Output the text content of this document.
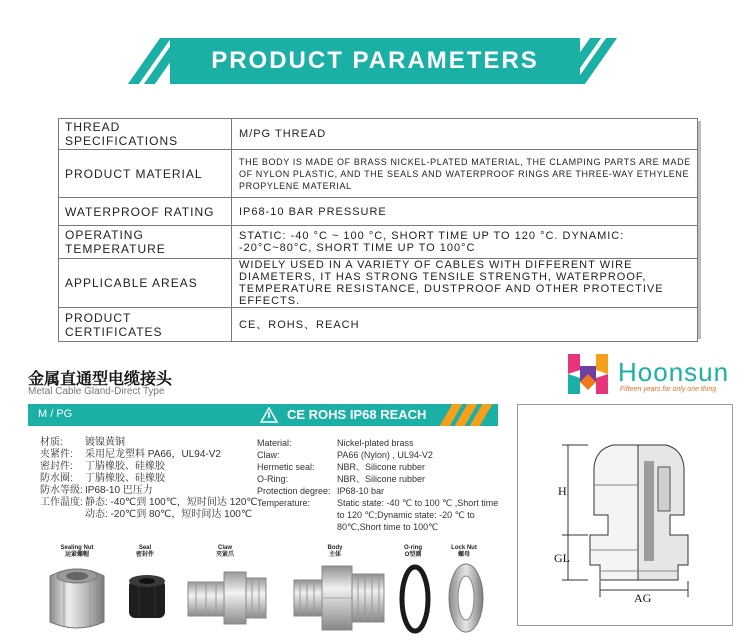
PRODUCT PARAMETERS
THREAD SPECIFICATIONS	M/PG THREAD
PRODUCT MATERIAL	THE BODY IS MADE OF BRASS NICKEL-PLATED MATERIAL, THE CLAMPING PARTS ARE MADE OF NYLON PLASTIC, AND THE SEALS AND WATERPROOF RINGS ARE THREE-WAY ETHYLENE PROPYLENE MATERIAL
WATERPROOF RATING	IP68-10 BAR PRESSURE
OPERATING TEMPERATURE	STATIC: -40 °C ~ 100 °C, SHORT TIME UP TO 120 °C. DYNAMIC: -20°C~80°C, SHORT TIME UP TO 100°C
APPLICABLE AREAS	WIDELY USED IN A VARIETY OF CABLES WITH DIFFERENT WIRE DIAMETERS, IT HAS STRONG TENSILE STRENGTH, WATERPROOF, TEMPERATURE RESISTANCE, DUSTPROOF AND OTHER PROTECTIVE EFFECTS.
PRODUCT CERTIFICATES	CE、ROHS、REACH
金属直通型电缆接头
Metal Cable Gland-Direct Type
Hoonsun
Fifteen years for only one thing
M / PG	CE ROHS IP68 REACH
材质:	镀镍黄铜
夹紧件:	采用尼龙塑料 PA66，UL94-V2
密封件:	丁腈橡胶、硅橡胶
防水圈:	丁腈橡胶、硅橡胶
防水等级: IP68-10 巴压力
工作温度: 静态: -40℃到 100℃，短时间达 120℃
动态: -20℃到 80℃，短时间达 100℃
Material:	Nickel-plated brass
Claw:	PA66 (Nylon) , UL94-V2
Hermetic seal:	NBR、Silicone rubber
O-Ring:	NBR、Silicone rubber
Protection degree: IP68-10 bar
Temperature:	Static state: -40 ℃ to 100 ℃ ,Short time to 120 ℃;Dynamic state: -20 ℃ to 80℃,Short time to 100℃
Sealing Nut
运紧螺帽
Seal
密封件
Claw
夹紧爪
Body
主体
O-ring
O型圈
Lock Nut
螺母
H
GL
AG
